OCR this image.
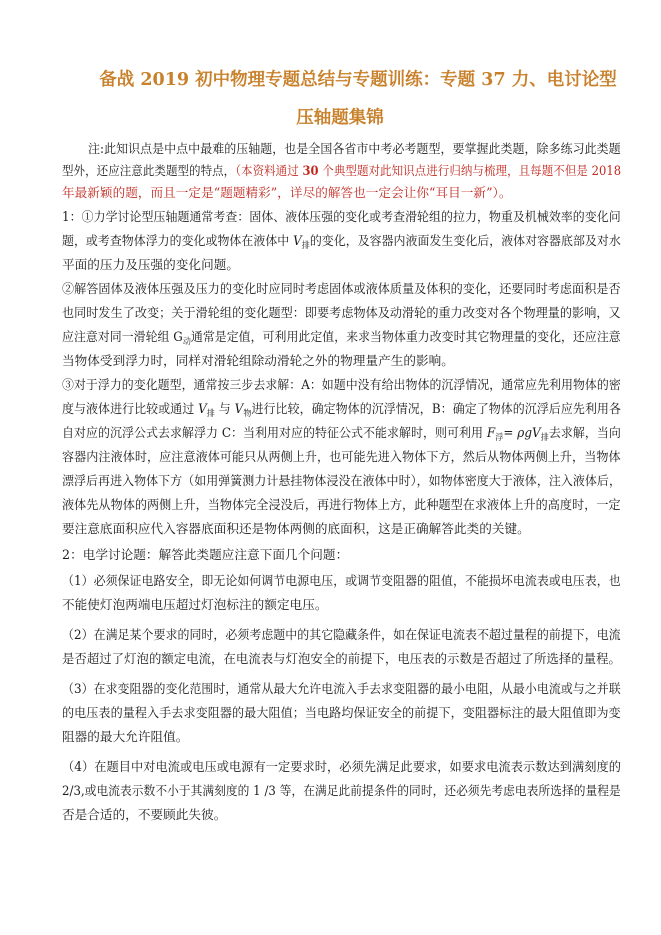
备战 2019 初中物理专题总结与专题训练：专题 37 力、电讨论型
压轴题集锦
注:此知识点是中点中最难的压轴题，也是全国各省市中考必考题型，要掌握此类题，除多练习此类题
型外，还应注意此类题型的特点，（本资料通过 30 个典型题对此知识点进行归纳与梳理，且每题不但是 2018
年最新颖的题，而且一定是“题题精彩”，详尽的解答也一定会让你“耳目一新”）。
1：①力学讨论型压轴题通常考查：固体、液体压强的变化或考查滑轮组的拉力，物重及机械效率的变化问
题，或考查物体浮力的变化或物体在液体中 $V_排$的变化，及容器内液面发生变化后，液体对容器底部及对水
平面的压力及压强的变化问题。
②解答固体及液体压强及压力的变化时应同时考虑固体或液体质量及体积的变化，还要同时考虑面积是否
也同时发生了改变；关于滑轮组的变化题型：即要考虑物体及动滑轮的重力改变对各个物理量的影响，又
应注意对同一滑轮组 $G_动$通常是定值，可利用此定值，来求当物体重力改变时其它物理量的变化，还应注意
当物体受到浮力时，同样对滑轮组除动滑轮之外的物理量产生的影响。
③对于浮力的变化题型，通常按三步去求解：A：如题中没有给出物体的沉浮情况，通常应先利用物体的密
度与液体进行比较或通过 $V_排$ 与 $V_物$进行比较，确定物体的沉浮情况，B：确定了物体的沉浮后应先利用各
自对应的沉浮公式去求解浮力 C：当利用对应的特征公式不能求解时，则可利用 $F_浮= \rho gV_排$去求解，当向
容器内注液体时，应注意液体可能只从两侧上升，也可能先进入物体下方，然后从物体两侧上升，当物体
漂浮后再进入物体下方（如用弹簧测力计悬挂物体浸没在液体中时），如物体密度大于液体，注入液体后，
液体先从物体的两侧上升，当物体完全浸没后，再进行物体上方，此种题型在求液体上升的高度时，一定
要注意底面积应代入容器底面积还是物体两侧的底面积，这是正确解答此类的关键。
2：电学讨论题：解答此类题应注意下面几个问题：
（1）必须保证电路安全，即无论如何调节电源电压，或调节变阻器的阻值，不能损坏电流表或电压表，也
不能使灯泡两端电压超过灯泡标注的额定电压。
（2）在满足某个要求的同时，必须考虑题中的其它隐藏条件，如在保证电流表不超过量程的前提下，电流
是否超过了灯泡的额定电流，在电流表与灯泡安全的前提下，电压表的示数是否超过了所选择的量程。
（3）在求变阻器的变化范围时，通常从最大允许电流入手去求变阻器的最小电阻，从最小电流或与之并联
的电压表的量程入手去求变阻器的最大阻值；当电路均保证安全的前提下，变阻器标注的最大阻值即为变
阻器的最大允许阻值。
（4）在题目中对电流或电压或电源有一定要求时，必须先满足此要求，如要求电流表示数达到满刻度的
2/3,或电流表示数不小于其满刻度的 1 /3 等，在满足此前提条件的同时，还必须先考虑电表所选择的量程是
否是合适的，不要顾此失彼。
